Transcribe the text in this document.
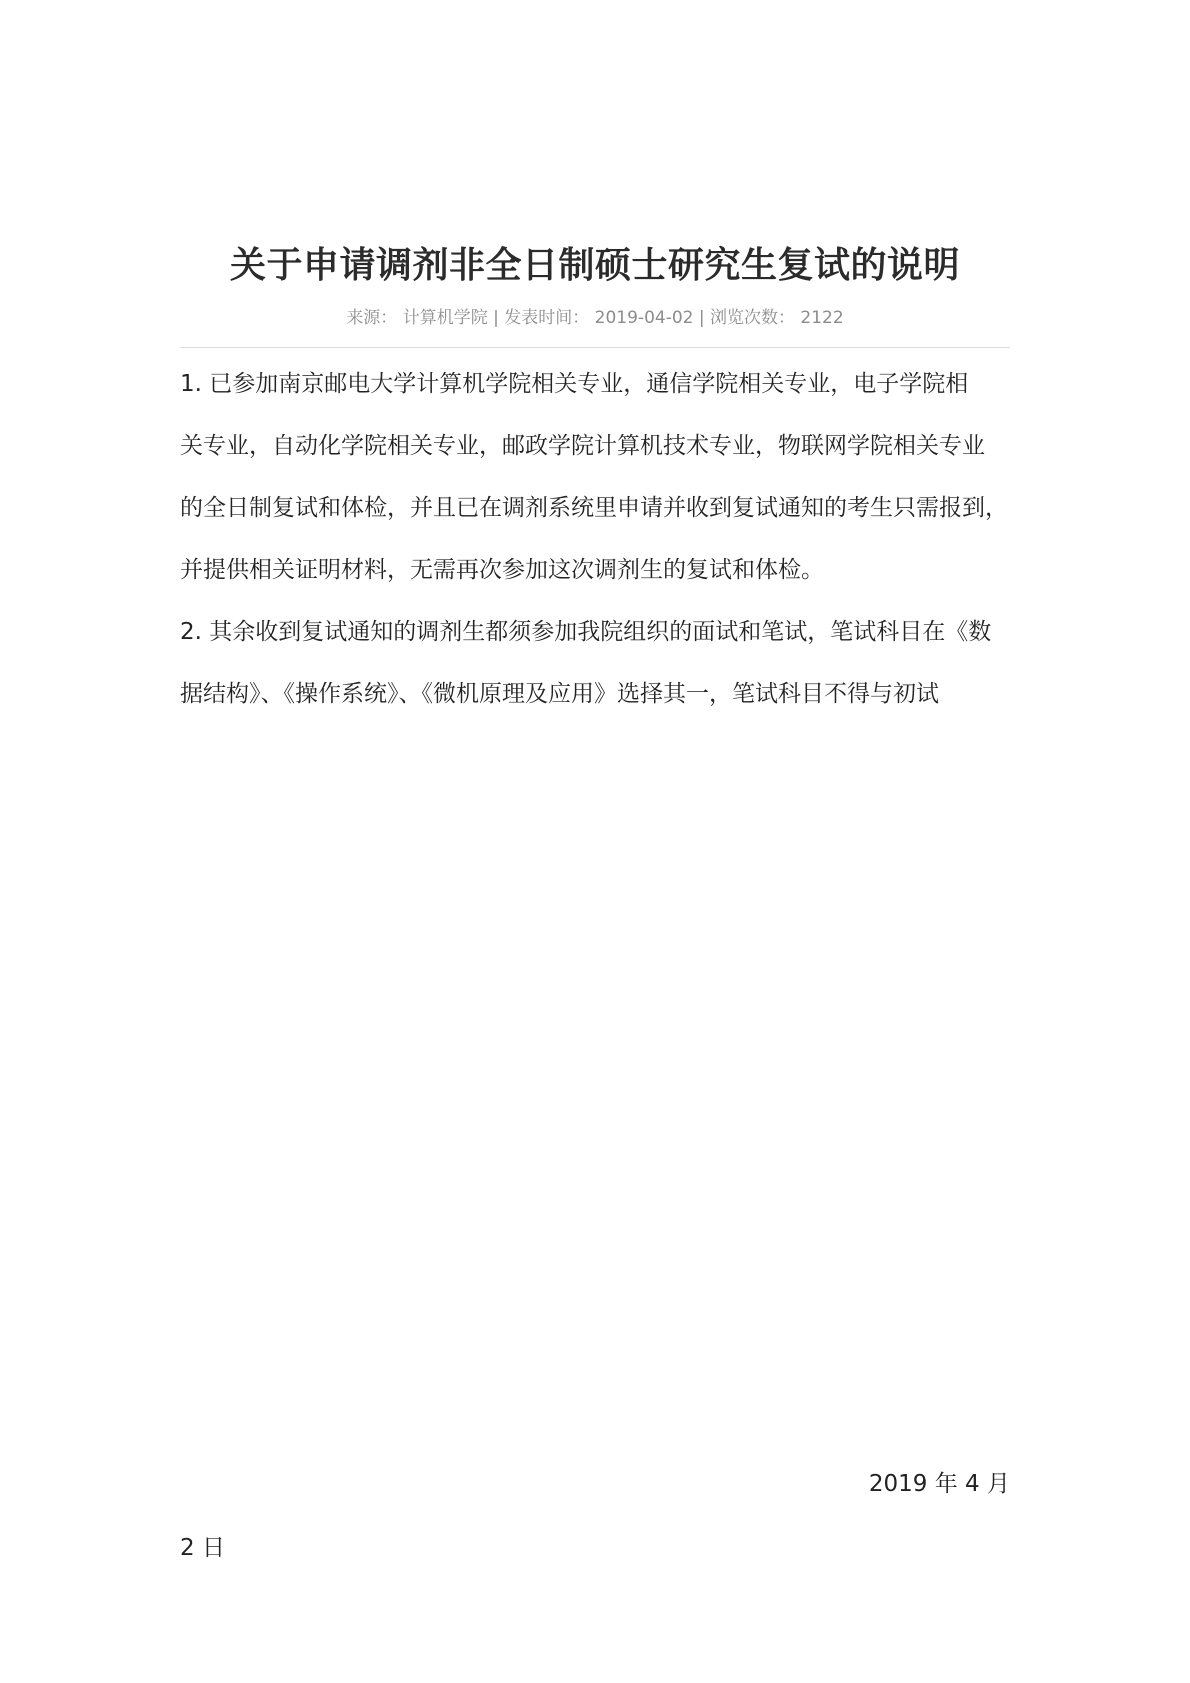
关于申请调剂非全日制硕士研究生复试的说明
来源： 计算机学院 | 发表时间： 2019-04-02 | 浏览次数： 2122
1. 已参加南京邮电大学计算机学院相关专业，通信学院相关专业，电子学院相
关专业，自动化学院相关专业，邮政学院计算机技术专业，物联网学院相关专业
的全日制复试和体检，并且已在调剂系统里申请并收到复试通知的考生只需报到，
并提供相关证明材料，无需再次参加这次调剂生的复试和体检。
2. 其余收到复试通知的调剂生都须参加我院组织的面试和笔试，笔试科目在《数
据结构》、《操作系统》、《微机原理及应用》选择其一，笔试科目不得与初试
2019 年 4 月
2 日
